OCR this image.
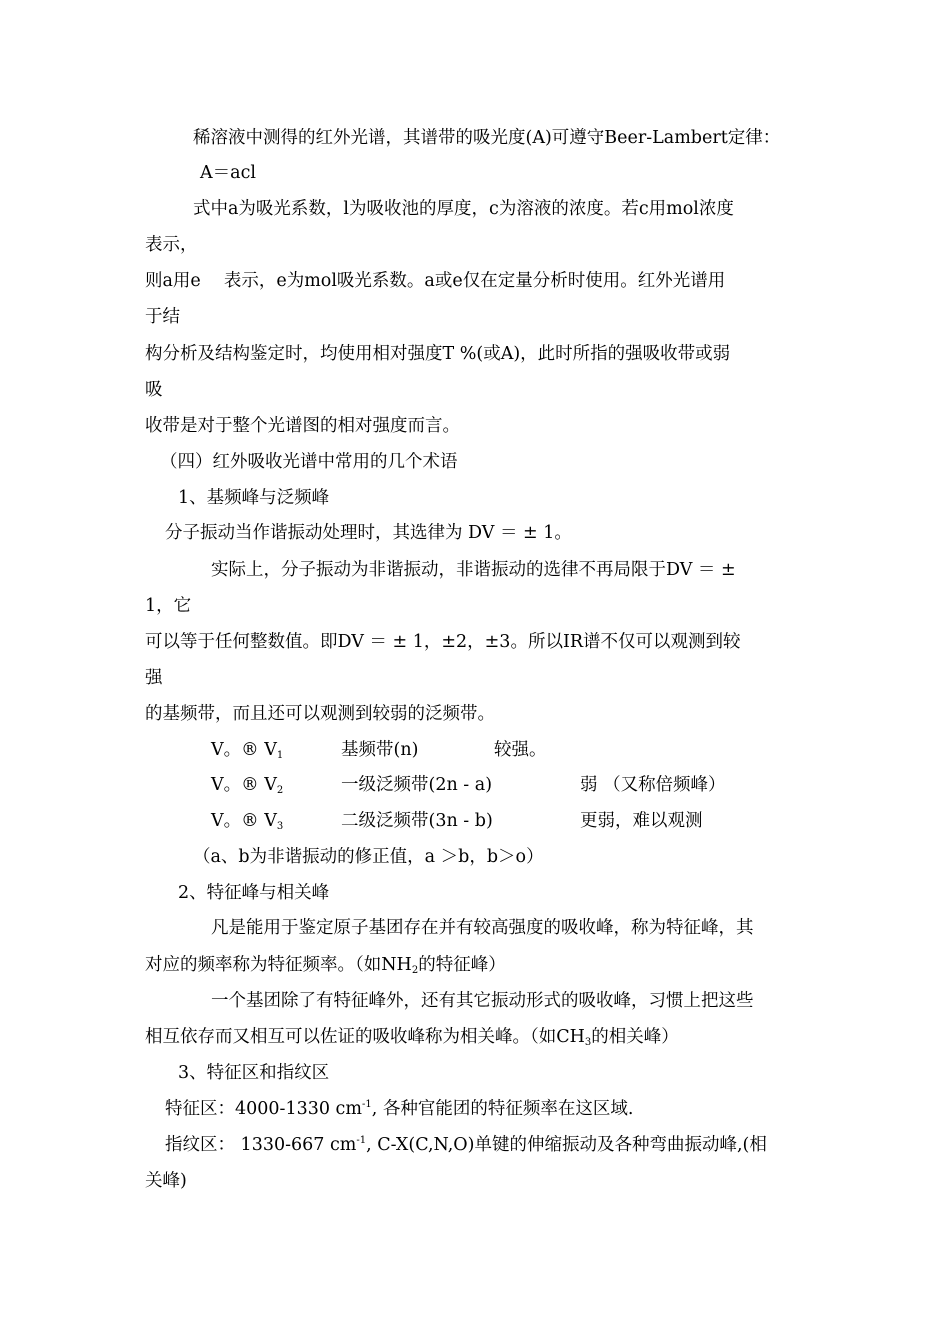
稀溶液中测得的红外光谱，其谱带的吸光度(A)可遵守Beer-Lambert定律：
A＝acl
式中a为吸光系数，l为吸收池的厚度，c为溶液的浓度。若c用mol浓度
表示，
则a用e　 表示，e为mol吸光系数。a或e仅在定量分析时使用。红外光谱用
于结
构分析及结构鉴定时，均使用相对强度T %(或A)，此时所指的强吸收带或弱
吸
收带是对于整个光谱图的相对强度而言。
（四）红外吸收光谱中常用的几个术语
1、基频峰与泛频峰
分子振动当作谐振动处理时，其选律为 DV ＝ ± 1。
实际上，分子振动为非谐振动，非谐振动的选律不再局限于DV ＝ ±
1，它
可以等于任何整数值。即DV ＝ ± 1，±2，±3。所以IR谱不仅可以观测到较
强
的基频带，而且还可以观测到较弱的泛频带。
V。® $V_1$	基频带(n)	较强。
V。® $V_2$	一级泛频带(2n - a)	弱 （又称倍频峰）
V。® $V_3$	二级泛频带(3n - b)	更弱，难以观测
（a、b为非谐振动的修正值，a ＞b，b＞o）
2、特征峰与相关峰
凡是能用于鉴定原子基团存在并有较高强度的吸收峰，称为特征峰，其
对应的频率称为特征频率。（如$NH_2$的特征峰）
一个基团除了有特征峰外，还有其它振动形式的吸收峰，习惯上把这些
相互依存而又相互可以佐证的吸收峰称为相关峰。（如$CH_3$的相关峰）
3、特征区和指纹区
特征区：4000-1330 $cm^{-1}$, 各种官能团的特征频率在这区域.
指纹区： 1330-667 $cm^{-1}$, C-X(C,N,O)单键的伸缩振动及各种弯曲振动峰,(相
关峰)
